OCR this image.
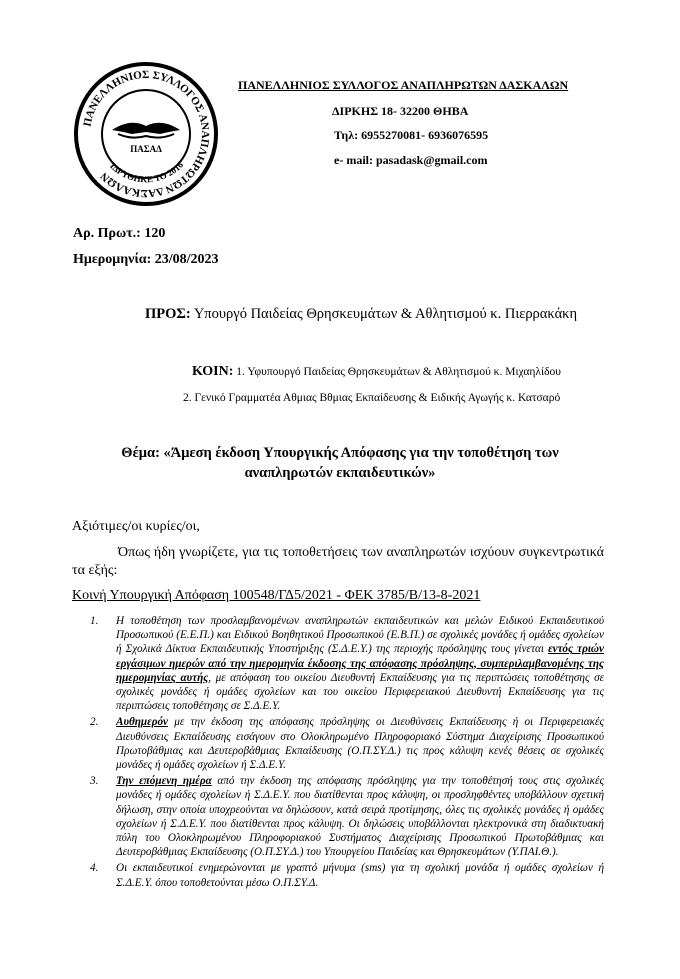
ΠΑΝΕΛΛΗΝΙΟΣ ΣΥΛΛΟΓΟΣ ΑΝΑΠΛΗΡΩΤΩΝ ΔΑΣΚΑΛΩΝ
ΠΑΣΑΔ
ΙΔΡΥΘΗΚΕ ΤΟ 2016
ΠΑΝΕΛΛΗΝΙΟΣ ΣΥΛΛΟΓΟΣ ΑΝΑΠΛΗΡΩΤΩΝ ΔΑΣΚΑΛΩΝ
ΔΙΡΚΗΣ 18- 32200 ΘΗΒΑ
Τηλ: 6955270081- 6936076595
e- mail: pasadask@gmail.com
Αρ. Πρωτ.: 120
Ημερομηνία: 23/08/2023
ΠΡΟΣ: Υπουργό Παιδείας Θρησκευμάτων & Αθλητισμού κ. Πιερρακάκη
ΚΟΙΝ: 1. Υφυπουργό Παιδείας Θρησκευμάτων & Αθλητισμού κ. Μιχαηλίδου
2. Γενικό Γραμματέα Αθμιας Βθμιας Εκπαίδευσης & Ειδικής Αγωγής κ. Κατσαρό
Θέμα: «Άμεση έκδοση Υπουργικής Απόφασης για την τοποθέτηση των αναπληρωτών εκπαιδευτικών»
Αξιότιμες/οι κυρίες/οι,
Όπως ήδη γνωρίζετε, για τις τοποθετήσεις των αναπληρωτών ισχύουν συγκεντρωτικά τα εξής:
Κοινή Υπουργική Απόφαση 100548/ΓΔ5/2021 - ΦΕΚ 3785/Β/13-8-2021
1. Η τοποθέτηση των προσλαμβανομένων αναπληρωτών εκπαιδευτικών και μελών Ειδικού Εκπαιδευτικού Προσωπικού (Ε.Ε.Π.) και Ειδικού Βοηθητικού Προσωπικού (Ε.Β.Π.) σε σχολικές μονάδες ή ομάδες σχολείων ή Σχολικά Δίκτυα Εκπαιδευτικής Υποστήριξης (Σ.Δ.Ε.Υ.) της περιοχής πρόσληψης τους γίνεται εντός τριών εργάσιμων ημερών από την ημερομηνία έκδοσης της απόφασης πρόσληψης, συμπεριλαμβανομένης της ημερομηνίας αυτής, με απόφαση του οικείου Διευθυντή Εκπαίδευσης για τις περιπτώσεις τοποθέτησης σε σχολικές μονάδες ή ομάδες σχολείων και του οικείου Περιφερειακού Διευθυντή Εκπαίδευσης για τις περιπτώσεις τοποθέτησης σε Σ.Δ.Ε.Υ.
2. Αυθημερόν με την έκδοση της απόφασης πρόσληψης οι Διευθύνσεις Εκπαίδευσης ή οι Περιφερειακές Διευθύνσεις Εκπαίδευσης εισάγουν στο Ολοκληρωμένο Πληροφοριακό Σύστημα Διαχείρισης Προσωπικού Πρωτοβάθμιας και Δευτεροβάθμιας Εκπαίδευσης (Ο.Π.ΣΥ.Δ.) τις προς κάλυψη κενές θέσεις σε σχολικές μονάδες ή ομάδες σχολείων ή Σ.Δ.Ε.Υ.
3. Την επόμενη ημέρα από την έκδοση της απόφασης πρόσληψης για την τοποθέτησή τους στις σχολικές μονάδες ή ομάδες σχολείων ή Σ.Δ.Ε.Υ. που διατίθενται προς κάλυψη, οι προσληφθέντες υποβάλλουν σχετική δήλωση, στην οποία υποχρεούνται να δηλώσουν, κατά σειρά προτίμησης, όλες τις σχολικές μονάδες ή ομάδες σχολείων ή Σ.Δ.Ε.Υ. που διατίθενται προς κάλυψη. Οι δηλώσεις υποβάλλονται ηλεκτρονικά στη διαδικτυακή πύλη του Ολοκληρωμένου Πληροφοριακού Συστήματος Διαχείρισης Προσωπικού Πρωτοβάθμιας και Δευτεροβάθμιας Εκπαίδευσης (Ο.Π.ΣΥ.Δ.) του Υπουργείου Παιδείας και Θρησκευμάτων (Υ.ΠΑΙ.Θ.).
4. Οι εκπαιδευτικοί ενημερώνονται με γραπτό μήνυμα (sms) για τη σχολική μονάδα ή ομάδες σχολείων ή Σ.Δ.Ε.Υ. όπου τοποθετούνται μέσω Ο.Π.ΣΥ.Δ.
